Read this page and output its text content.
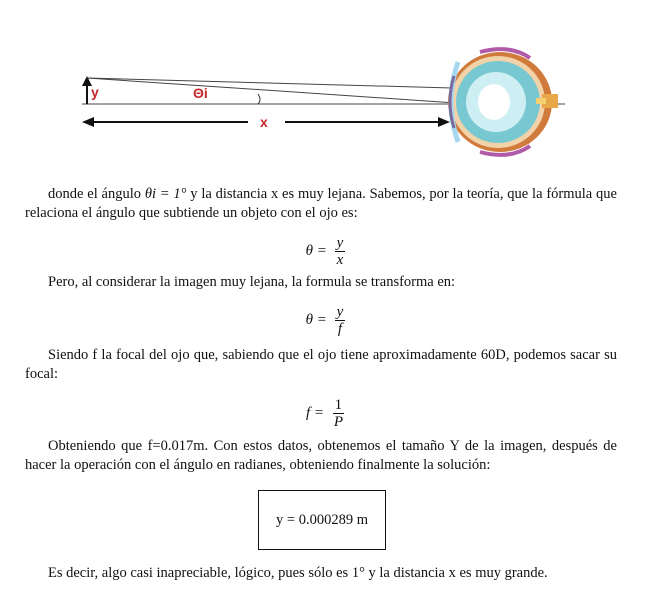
y	Θi
x
donde el ángulo θi = 1° y la distancia x es muy lejana. Sabemos, por la teoría, que la fórmula que relaciona el ángulo que subtiende un objeto con el ojo es:
$\theta = \frac{y}{x}$
Pero, al considerar la imagen muy lejana, la formula se transforma en:
$\theta = \frac{y}{f}$
Siendo f la focal del ojo que, sabiendo que el ojo tiene aproximadamente 60D, podemos sacar su focal:
$f = \frac{1}{P}$
Obteniendo que f=0.017m. Con estos datos, obtenemos el tamaño Y de la imagen, después de hacer la operación con el ángulo en radianes, obteniendo finalmente la solución:
y = 0.000289 m
Es decir, algo casi inapreciable, lógico, pues sólo es 1° y la distancia x es muy grande.
